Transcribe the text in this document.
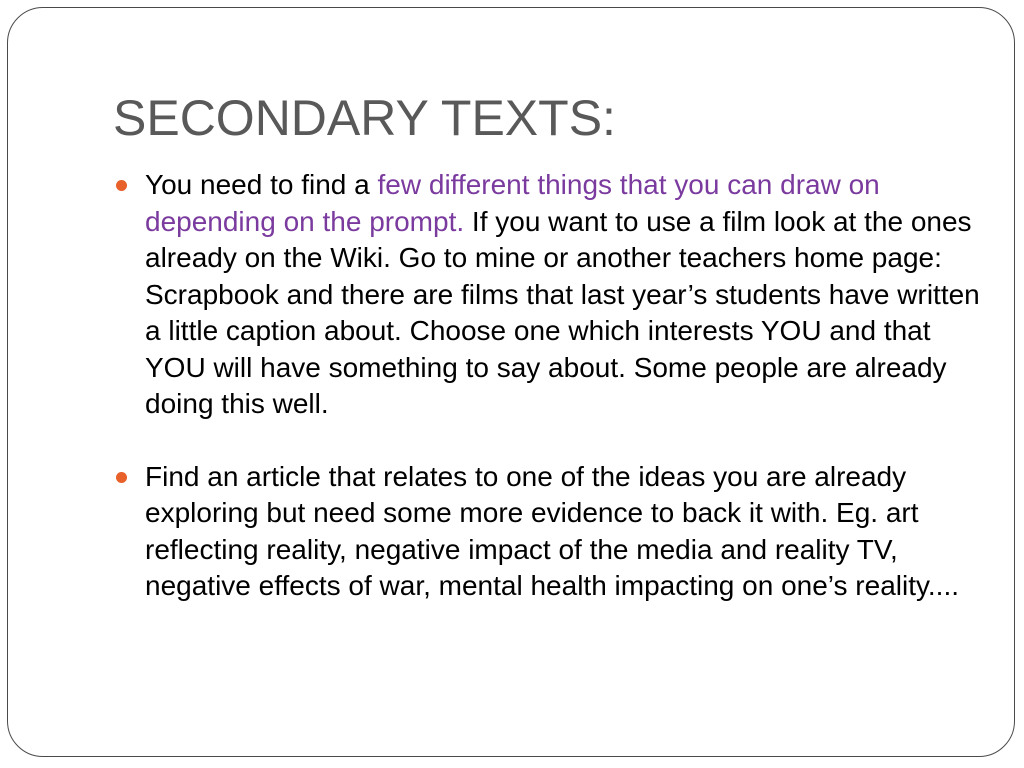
SECONDARY TEXTS:
You need to find a few different things that you can draw on depending on the prompt. If you want to use a film look at the ones already on the Wiki. Go to mine or another teachers home page: Scrapbook and there are films that last year’s students have written a little caption about. Choose one which interests YOU and that YOU will have something to say about. Some people are already doing this well.
Find an article that relates to one of the ideas you are already exploring but need some more evidence to back it with. Eg. art reflecting reality, negative impact of the media and reality TV, negative effects of war, mental health impacting on one’s reality....
